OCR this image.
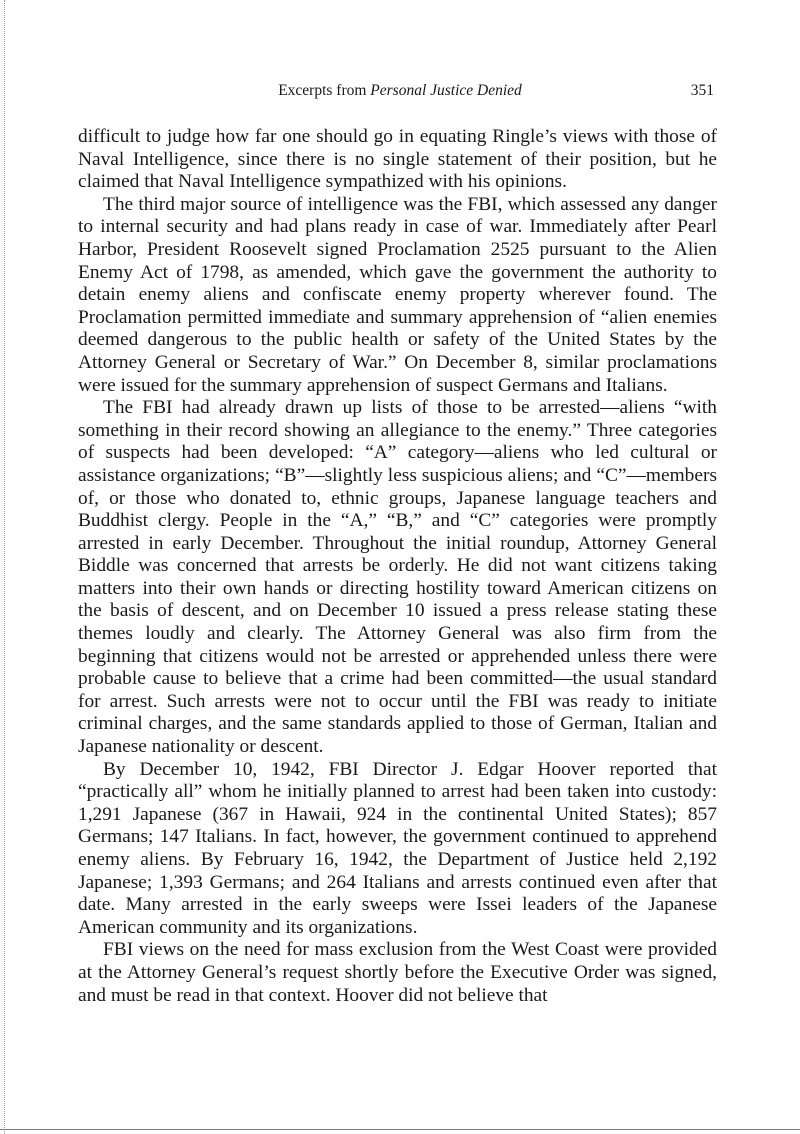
Excerpts from Personal Justice Denied	351

difficult to judge how far one should go in equating Ringle’s views with those of Naval Intelligence, since there is no single statement of their position, but he claimed that Naval Intelligence sympathized with his opinions.

The third major source of intelligence was the FBI, which assessed any danger to internal security and had plans ready in case of war. Immediately after Pearl Harbor, President Roosevelt signed Proclamation 2525 pursuant to the Alien Enemy Act of 1798, as amended, which gave the government the authority to detain enemy aliens and confiscate enemy property wherever found. The Proclamation permitted immediate and summary apprehension of “alien enemies deemed dangerous to the public health or safety of the United States by the Attorney General or Secretary of War.” On December 8, similar proclamations were issued for the summary apprehension of suspect Germans and Italians.

The FBI had already drawn up lists of those to be arrested—aliens “with something in their record showing an allegiance to the enemy.” Three categories of suspects had been developed: “A” category—aliens who led cultural or assistance organizations; “B”—slightly less suspicious aliens; and “C”—members of, or those who donated to, ethnic groups, Japanese language teachers and Buddhist clergy. People in the “A,” “B,” and “C” categories were promptly arrested in early December. Throughout the initial roundup, Attorney General Biddle was concerned that arrests be orderly. He did not want citizens taking matters into their own hands or directing hostility toward American citizens on the basis of descent, and on December 10 issued a press release stating these themes loudly and clearly. The Attorney General was also firm from the beginning that citizens would not be arrested or apprehended unless there were probable cause to believe that a crime had been committed—the usual standard for arrest. Such arrests were not to occur until the FBI was ready to initiate criminal charges, and the same standards applied to those of German, Italian and Japanese nationality or descent.

By December 10, 1942, FBI Director J. Edgar Hoover reported that “practically all” whom he initially planned to arrest had been taken into custody: 1,291 Japanese (367 in Hawaii, 924 in the continental United States); 857 Germans; 147 Italians. In fact, however, the government continued to apprehend enemy aliens. By February 16, 1942, the Department of Justice held 2,192 Japanese; 1,393 Germans; and 264 Italians and arrests continued even after that date. Many arrested in the early sweeps were Issei leaders of the Japanese American community and its organizations.

FBI views on the need for mass exclusion from the West Coast were provided at the Attorney General’s request shortly before the Executive Order was signed, and must be read in that context. Hoover did not believe that
